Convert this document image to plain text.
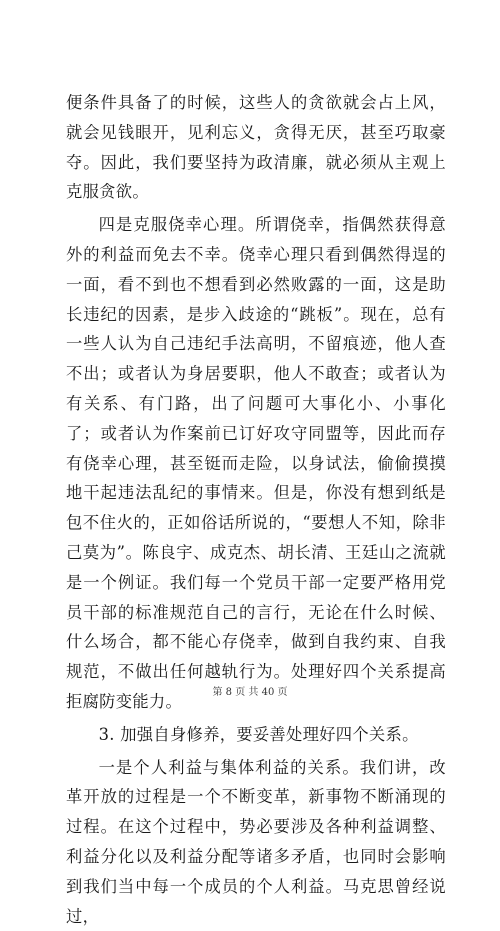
便条件具备了的时候，这些人的贪欲就会占上风，就会见钱眼开，见利忘义，贪得无厌，甚至巧取豪夺。因此，我们要坚持为政清廉，就必须从主观上克服贪欲。

四是克服侥幸心理。所谓侥幸，指偶然获得意外的利益而免去不幸。侥幸心理只看到偶然得逞的一面，看不到也不想看到必然败露的一面，这是助长违纪的因素，是步入歧途的“跳板”。现在，总有一些人认为自己违纪手法高明，不留痕迹，他人查不出；或者认为身居要职，他人不敢查；或者认为有关系、有门路，出了问题可大事化小、小事化了；或者认为作案前已订好攻守同盟等，因此而存有侥幸心理，甚至铤而走险，以身试法，偷偷摸摸地干起违法乱纪的事情来。但是，你没有想到纸是包不住火的，正如俗话所说的，“要想人不知，除非己莫为”。陈良宇、成克杰、胡长清、王廷山之流就是一个例证。我们每一个党员干部一定要严格用党员干部的标准规范自己的言行，无论在什么时候、什么场合，都不能心存侥幸，做到自我约束、自我规范，不做出任何越轨行为。处理好四个关系提高拒腐防变能力。

3. 加强自身修养，要妥善处理好四个关系。

一是个人利益与集体利益的关系。我们讲，改革开放的过程是一个不断变革，新事物不断涌现的过程。在这个过程中，势必要涉及各种利益调整、利益分化以及利益分配等诸多矛盾，也同时会影响到我们当中每一个成员的个人利益。马克思曾经说过，

第 8 页 共 40 页
